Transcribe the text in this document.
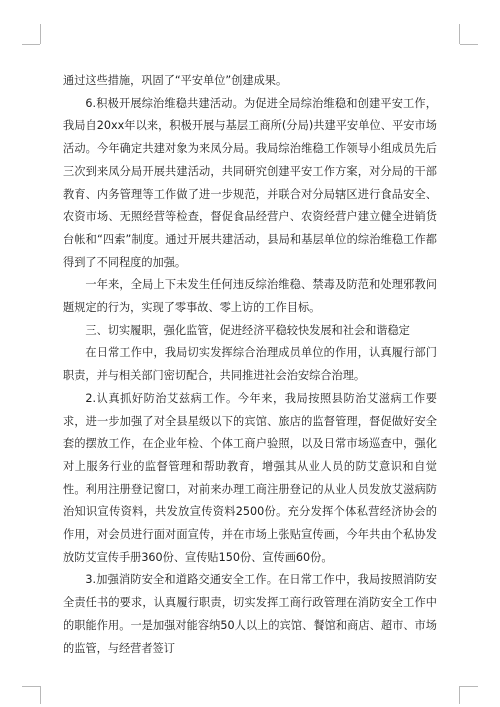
通过这些措施，巩固了“平安单位”创建成果。

6.积极开展综治维稳共建活动。为促进全局综治维稳和创建平安工作，我局自20xx年以来，积极开展与基层工商所(分局)共建平安单位、平安市场活动。今年确定共建对象为来凤分局。我局综治维稳工作领导小组成员先后三次到来凤分局开展共建活动，共同研究创建平安工作方案，对分局的干部教育、内务管理等工作做了进一步规范，并联合对分局辖区进行食品安全、农资市场、无照经营等检查，督促食品经营户、农资经营户建立健全进销货台帐和“四索”制度。通过开展共建活动，县局和基层单位的综治维稳工作都得到了不同程度的加强。

一年来，全局上下未发生任何违反综治维稳、禁毒及防范和处理邪教问题规定的行为，实现了零事故、零上访的工作目标。

三、切实履职，强化监管，促进经济平稳较快发展和社会和谐稳定

在日常工作中，我局切实发挥综合治理成员单位的作用，认真履行部门职责，并与相关部门密切配合，共同推进社会治安综合治理。

2.认真抓好防治艾兹病工作。今年来，我局按照县防治艾滋病工作要求，进一步加强了对全县星级以下的宾馆、旅店的监督管理，督促做好安全套的摆放工作，在企业年检、个体工商户验照，以及日常市场巡查中，强化对上服务行业的监督管理和帮助教育，增强其从业人员的防艾意识和自觉性。利用注册登记窗口，对前来办理工商注册登记的从业人员发放艾滋病防治知识宣传资料，共发放宣传资料2500份。充分发挥个体私营经济协会的作用，对会员进行面对面宣传，并在市场上张贴宣传画，今年共由个私协发放防艾宣传手册360份、宣传贴150份、宣传画60份。

3.加强消防安全和道路交通安全工作。在日常工作中，我局按照消防安全责任书的要求，认真履行职责，切实发挥工商行政管理在消防安全工作中的职能作用。一是加强对能容纳50人以上的宾馆、餐馆和商店、超市、市场的监管，与经营者签订
